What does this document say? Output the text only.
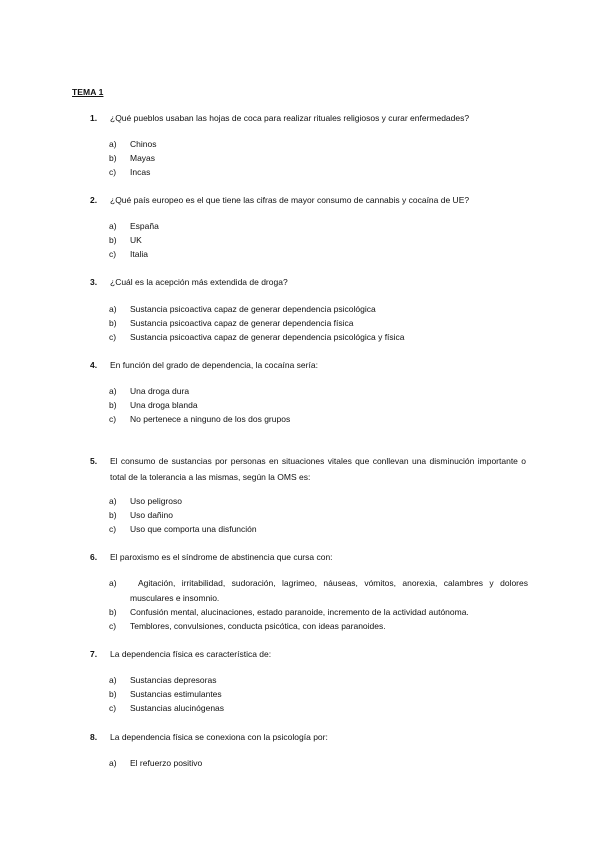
TEMA 1
1. ¿Qué pueblos usaban las hojas de coca para realizar rituales religiosos y curar enfermedades?
a) Chinos
b) Mayas
c) Incas
2. ¿Qué país europeo es el que tiene las cifras de mayor consumo de cannabis y cocaína de UE?
a) España
b) UK
c) Italia
3. ¿Cuál es la acepción más extendida de droga?
a) Sustancia psicoactiva capaz de generar dependencia psicológica
b) Sustancia psicoactiva capaz de generar dependencia física
c) Sustancia psicoactiva capaz de generar dependencia psicológica y física
4. En función del grado de dependencia, la cocaína sería:
a) Una droga dura
b) Una droga blanda
c) No pertenece a ninguno de los dos grupos
5. El consumo de sustancias por personas en situaciones vitales que conllevan una disminución importante o total de la tolerancia a las mismas, según la OMS es:
a) Uso peligroso
b) Uso dañino
c) Uso que comporta una disfunción
6. El paroxismo es el síndrome de abstinencia que cursa con:
a)	Agitación, irritabilidad, sudoración, lagrimeo, náuseas, vómitos, anorexia, calambres y dolores musculares e insomnio.
b) Confusión mental, alucinaciones, estado paranoide, incremento de la actividad autónoma.
c) Temblores, convulsiones, conducta psicótica, con ideas paranoides.
7. La dependencia física es característica de:
a) Sustancias depresoras
b) Sustancias estimulantes
c) Sustancias alucinógenas
8. La dependencia física se conexiona con la psicología por:
a) El refuerzo positivo
